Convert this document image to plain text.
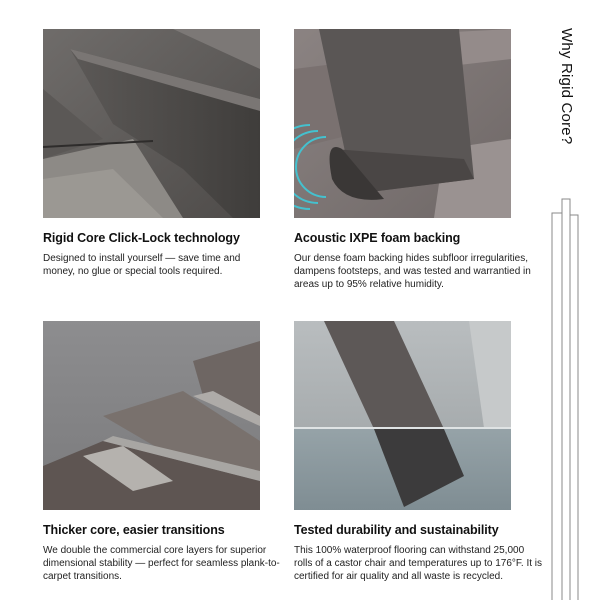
Why Rigid Core?
Rigid Core Click-Lock technology

Designed to install yourself — save time and money, no glue or special tools required.

Acoustic IXPE foam backing

Our dense foam backing hides subfloor irregularities, dampens footsteps, and was tested and warrantied in areas up to 95% relative humidity.

Thicker core, easier transitions

We double the commercial core layers for superior dimensional stability — perfect for seamless plank-to-carpet transitions.

Tested durability and sustainability

This 100% waterproof flooring can withstand 25,000 rolls of a castor chair and temperatures up to 176°F. It is certified for air quality and all waste is recycled.
